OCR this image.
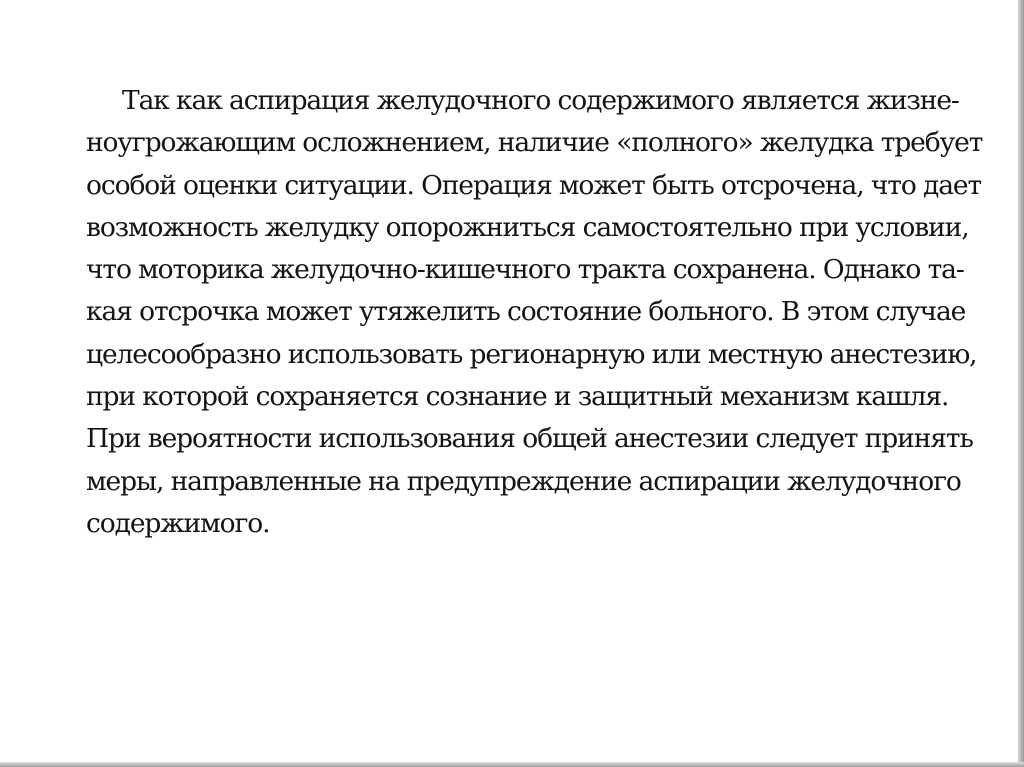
Так как аспирация желудочного содержимого является жизне-
ноугрожающим осложнением, наличие «полного» желудка требует
особой оценки ситуации. Операция может быть отсрочена, что дает
возможность желудку опорожниться самостоятельно при условии,
что моторика желудочно-кишечного тракта сохранена. Однако та-
кая отсрочка может утяжелить состояние больного. В этом случае
целесообразно использовать регионарную или местную анестезию,
при которой сохраняется сознание и защитный механизм кашля.
При вероятности использования общей анестезии следует принять
меры, направленные на предупреждение аспирации желудочного
содержимого.
